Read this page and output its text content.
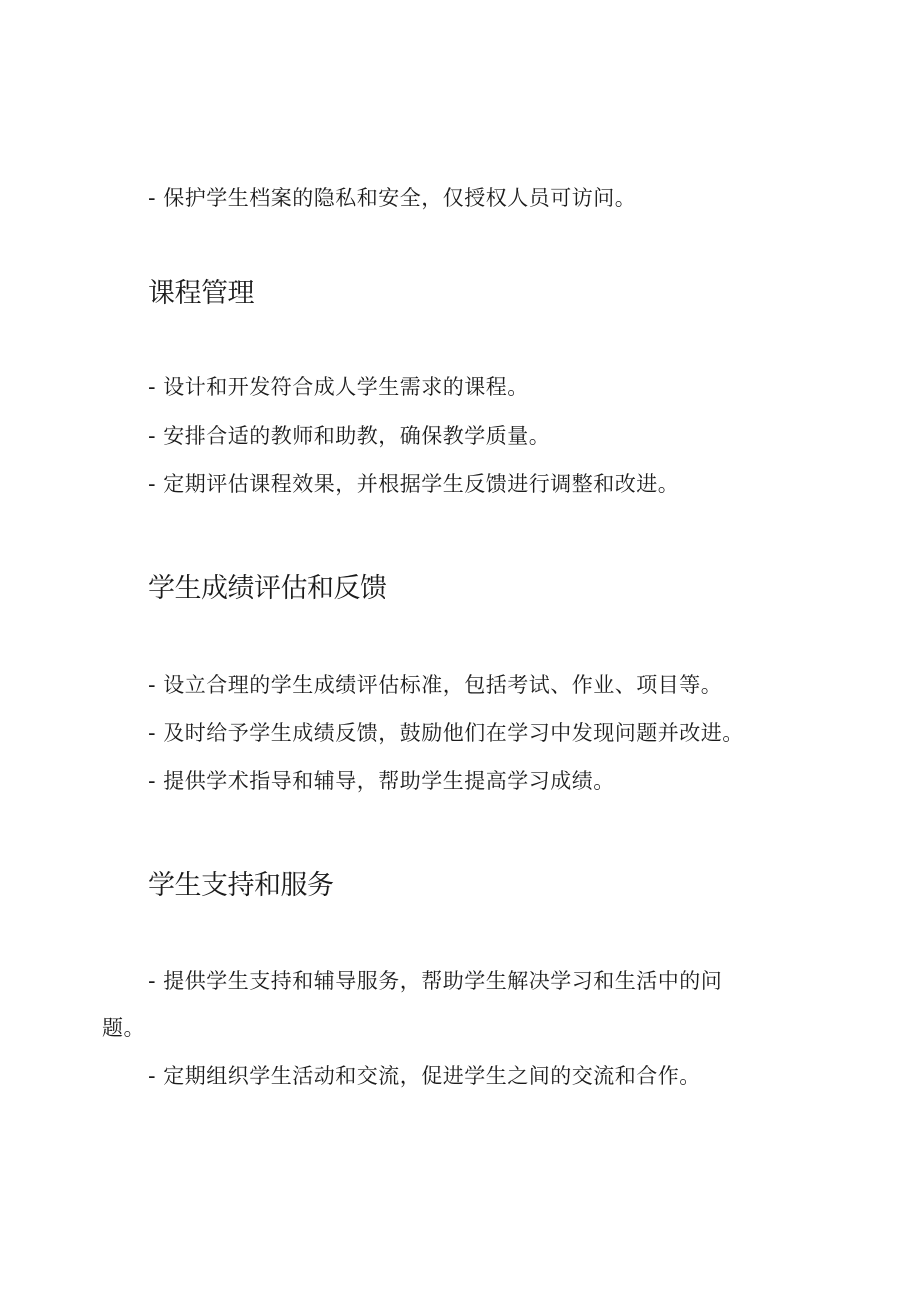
- 保护学生档案的隐私和安全，仅授权人员可访问。
课程管理
- 设计和开发符合成人学生需求的课程。
- 安排合适的教师和助教，确保教学质量。
- 定期评估课程效果，并根据学生反馈进行调整和改进。
学生成绩评估和反馈
- 设立合理的学生成绩评估标准，包括考试、作业、项目等。
- 及时给予学生成绩反馈，鼓励他们在学习中发现问题并改进。
- 提供学术指导和辅导，帮助学生提高学习成绩。
学生支持和服务
- 提供学生支持和辅导服务，帮助学生解决学习和生活中的问
题。
- 定期组织学生活动和交流，促进学生之间的交流和合作。
